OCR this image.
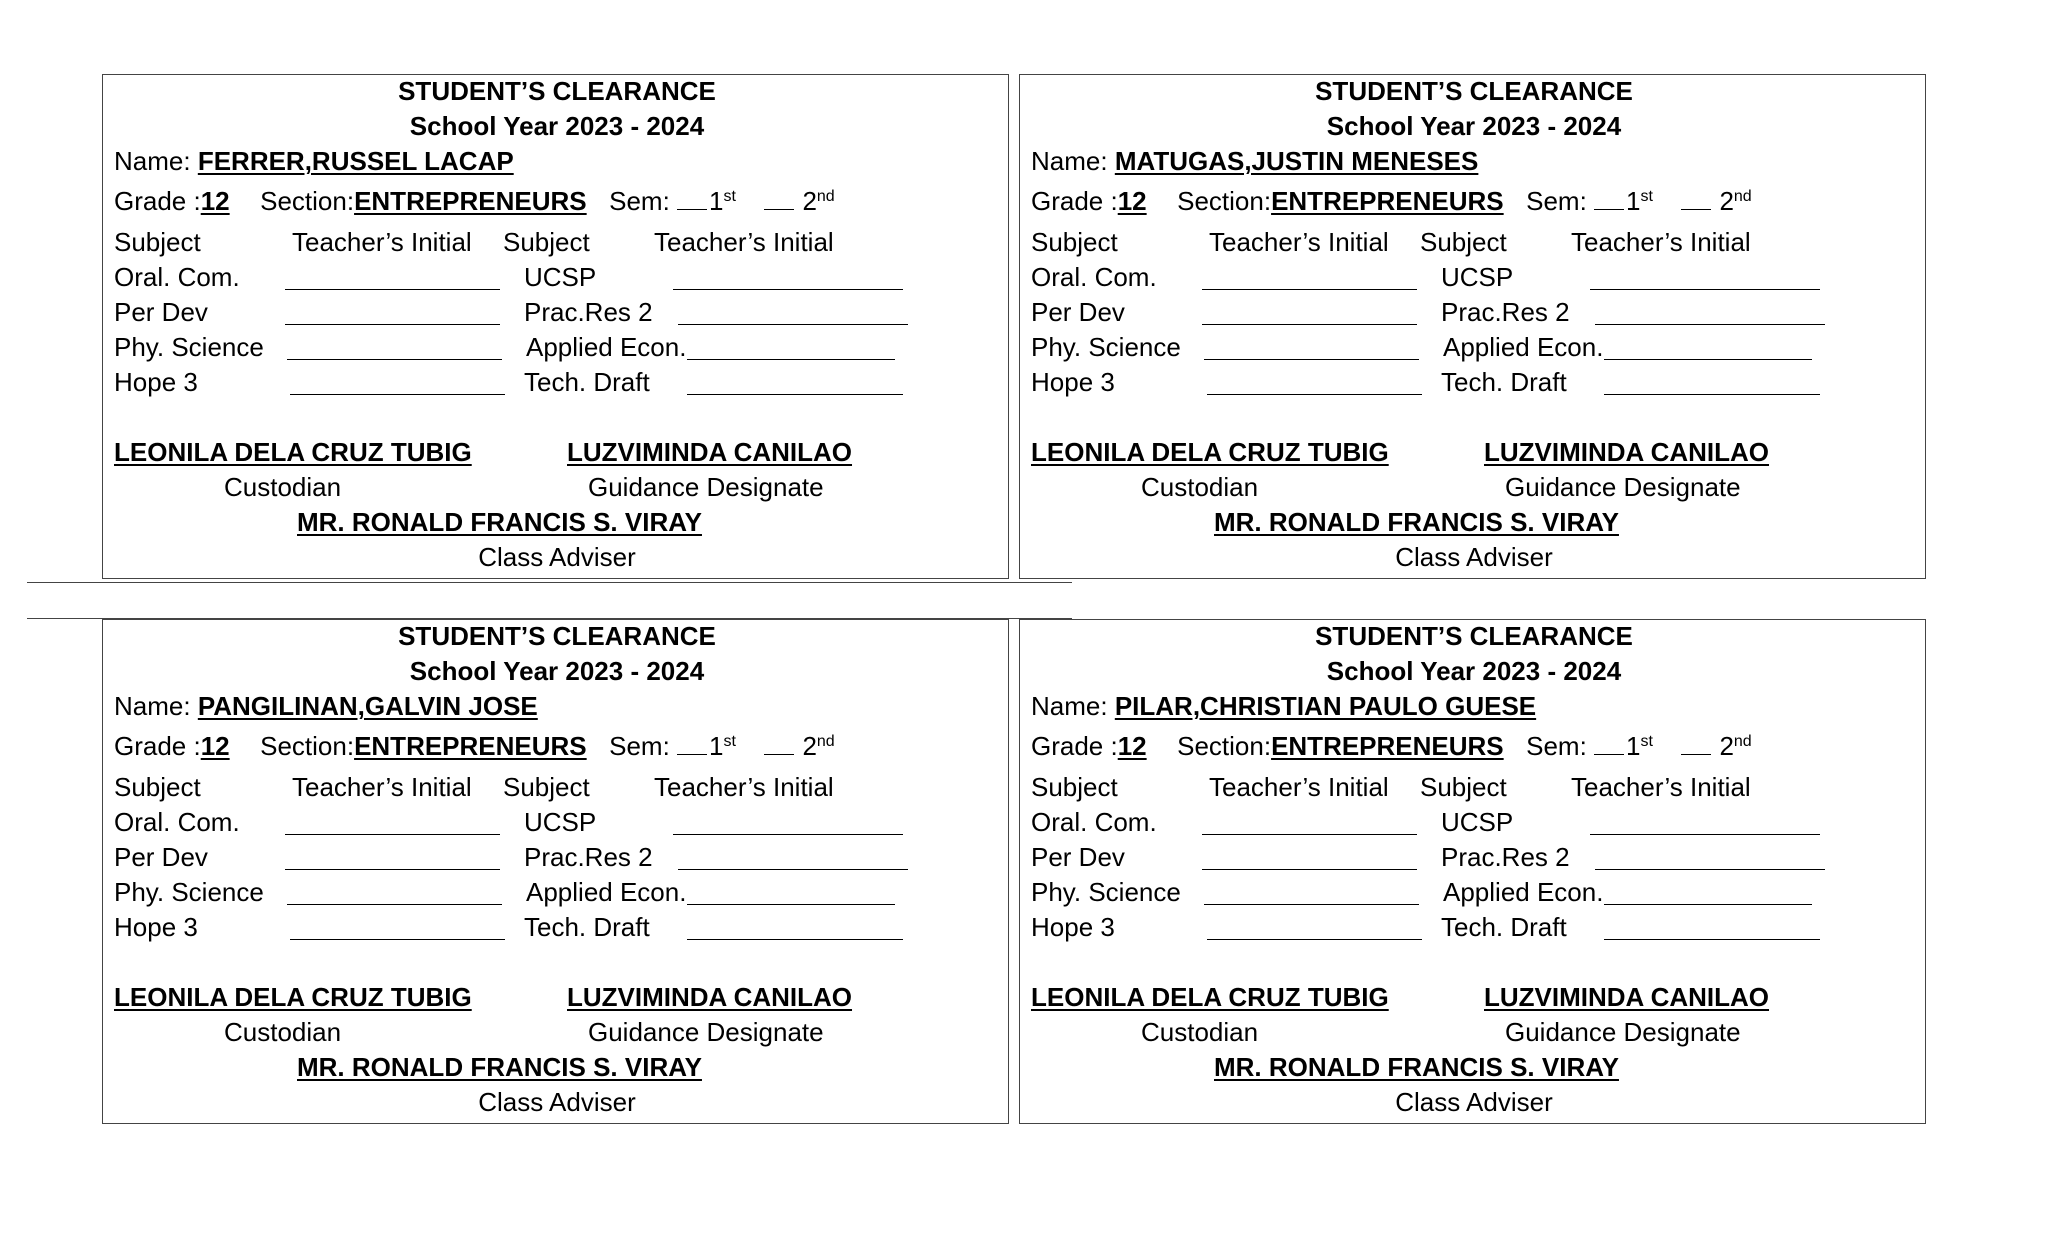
STUDENT’S CLEARANCE
School Year 2023 - 2024
Name: FERRER,RUSSEL LACAP
Grade :12 Section:ENTREPRENEURS Sem: 1st	2nd
Subject	Teacher’s Initial Subject Teacher’s Initial
Oral. Com.	UCSP
Per Dev	Prac.Res 2
Phy. Science	Applied Econ.
Hope 3	Tech. Draft
LEONILA DELA CRUZ TUBIG	LUZVIMINDA CANILAO
Custodian	Guidance Designate
MR. RONALD FRANCIS S. VIRAY
Class Adviser
STUDENT’S CLEARANCE
School Year 2023 - 2024
Name: MATUGAS,JUSTIN MENESES
Grade :12 Section:ENTREPRENEURS Sem: 1st	2nd
Subject	Teacher’s Initial Subject Teacher’s Initial
Oral. Com.	UCSP
Per Dev	Prac.Res 2
Phy. Science	Applied Econ.
Hope 3	Tech. Draft
LEONILA DELA CRUZ TUBIG	LUZVIMINDA CANILAO
Custodian	Guidance Designate
MR. RONALD FRANCIS S. VIRAY
Class Adviser
STUDENT’S CLEARANCE
School Year 2023 - 2024
Name: PANGILINAN,GALVIN JOSE
Grade :12 Section:ENTREPRENEURS Sem: 1st	2nd
Subject	Teacher’s Initial Subject Teacher’s Initial
Oral. Com.	UCSP
Per Dev	Prac.Res 2
Phy. Science	Applied Econ.
Hope 3	Tech. Draft
LEONILA DELA CRUZ TUBIG	LUZVIMINDA CANILAO
Custodian	Guidance Designate
MR. RONALD FRANCIS S. VIRAY
Class Adviser
STUDENT’S CLEARANCE
School Year 2023 - 2024
Name: PILAR,CHRISTIAN PAULO GUESE
Grade :12 Section:ENTREPRENEURS Sem: 1st	2nd
Subject	Teacher’s Initial Subject Teacher’s Initial
Oral. Com.	UCSP
Per Dev	Prac.Res 2
Phy. Science	Applied Econ.
Hope 3	Tech. Draft
LEONILA DELA CRUZ TUBIG	LUZVIMINDA CANILAO
Custodian	Guidance Designate
MR. RONALD FRANCIS S. VIRAY
Class Adviser
